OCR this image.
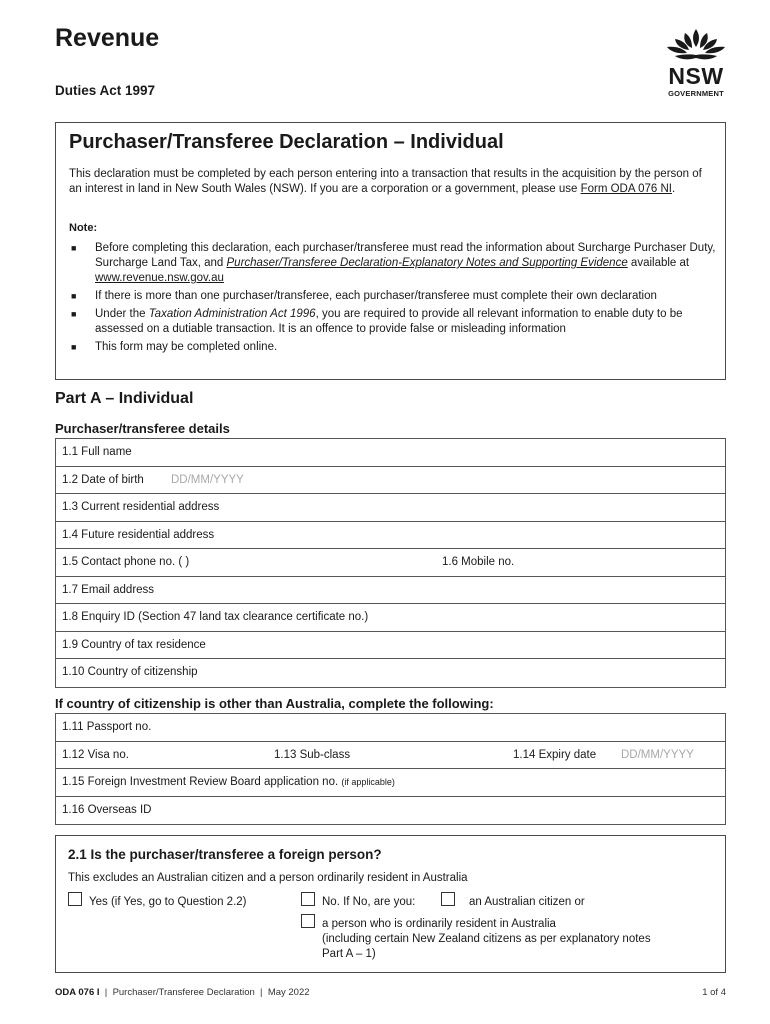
Revenue
Duties Act 1997
NSW
GOVERNMENT
Purchaser/Transferee Declaration – Individual
This declaration must be completed by each person entering into a transaction that results in the acquisition by the person of an interest in land in New South Wales (NSW). If you are a corporation or a government, please use Form ODA 076 NI.
Note:
■ Before completing this declaration, each purchaser/transferee must read the information about Surcharge Purchaser Duty, Surcharge Land Tax, and Purchaser/Transferee Declaration-Explanatory Notes and Supporting Evidence available at www.revenue.nsw.gov.au
■ If there is more than one purchaser/transferee, each purchaser/transferee must complete their own declaration
■ Under the Taxation Administration Act 1996, you are required to provide all relevant information to enable duty to be assessed on a dutiable transaction. It is an offence to provide false or misleading information
■ This form may be completed online.
Part A – Individual
Purchaser/transferee details
1.1 Full name
1.2 Date of birth DD/MM/YYYY
1.3 Current residential address
1.4 Future residential address
1.5 Contact phone no. ( )	1.6 Mobile no.
1.7 Email address
1.8 Enquiry ID (Section 47 land tax clearance certificate no.)
1.9 Country of tax residence
1.10 Country of citizenship
If country of citizenship is other than Australia, complete the following:
1.11 Passport no.
1.12 Visa no.	1.13 Sub-class	1.14 Expiry date DD/MM/YYYY
1.15 Foreign Investment Review Board application no. (if applicable)
1.16 Overseas ID
2.1 Is the purchaser/transferee a foreign person?
This excludes an Australian citizen and a person ordinarily resident in Australia
Yes (if Yes, go to Question 2.2)	No. If No, are you:	an Australian citizen or
a person who is ordinarily resident in Australia
(including certain New Zealand citizens as per explanatory notes
Part A – 1)
ODA 076 I  |  Purchaser/Transferee Declaration  |  May 2022	1 of 4
